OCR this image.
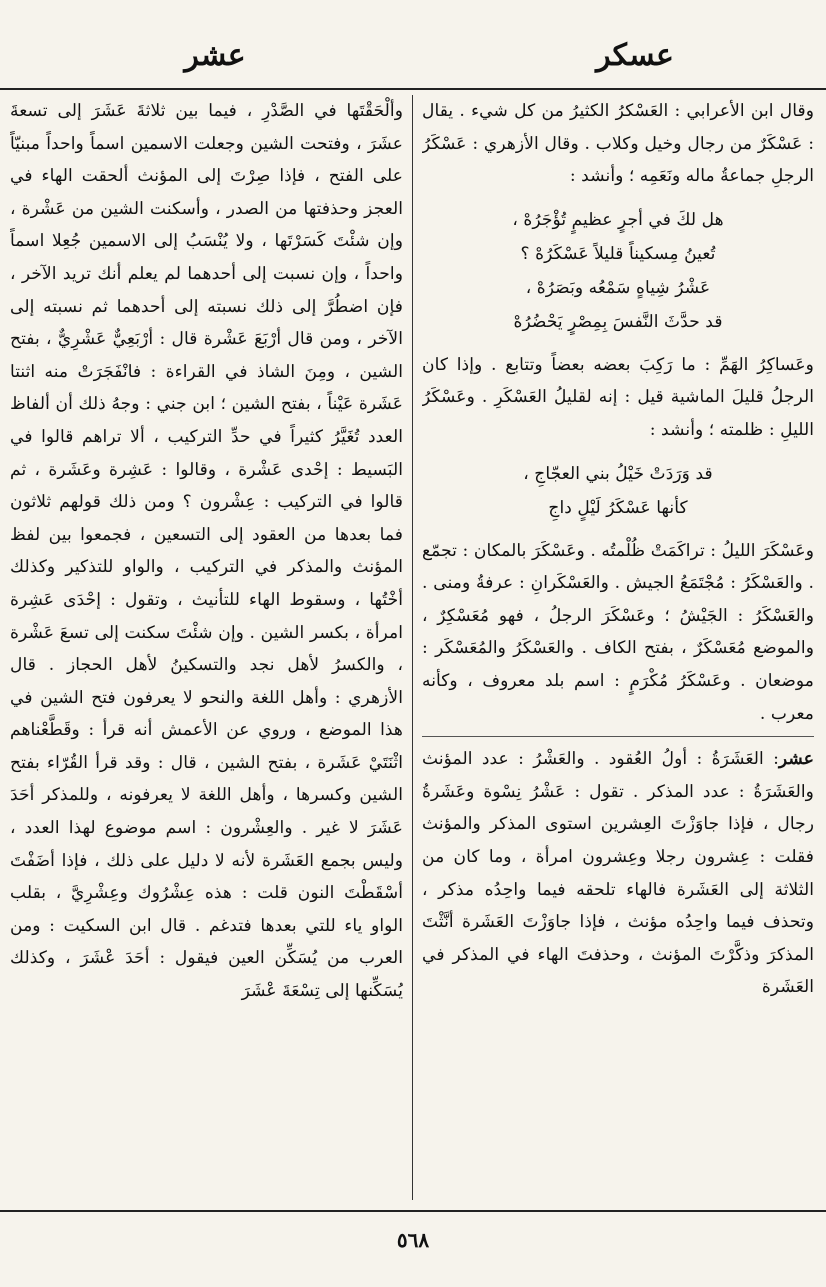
عسكر
عشر

وقال ابن الأعرابي : العَسْكرُ الكثيرُ من كل شيء . يقال : عَسْكَرٌ من رجال وخيل وكلاب . وقال الأزهري : عَسْكَرُ الرجلِ جماعةُ ماله ونَعَمِه ؛ وأنشد :

هل لكَ في أجرٍ عظيمٍ تُؤْجَرُهْ ،
تُعينُ مِسكيناً قليلاً عَسْكَرُهْ ؟
عَشْرُ شِياهٍ سَمْعُه وبَصَرُهْ ،
قد حدَّثَ النَّفسَ بِمِصْرٍ يَحْضُرُهْ

وعَساكِرُ الهَمِّ : ما رَكِبَ بعضه بعضاً وتتابع . وإذا كان الرجلُ قليلَ الماشية قيل : إنه لقليلُ العَسْكَرِ . وعَسْكَرُ الليلِ : ظلمته ؛ وأنشد :

قد وَرَدَتْ خَيْلُ بني العجّاجِ ،
كأنها عَسْكَرُ لَيْلٍ داجِ

وعَسْكَرَ الليلُ : تراكَمَتْ ظُلْمتُه . وعَسْكَرَ بالمكان : تجمّع . والعَسْكَرُ : مُجْتَمَعُ الجيش . والعَسْكَرانِ : عرفةُ ومنى . والعَسْكَرُ : الجَيْشُ ؛ وعَسْكَرَ الرجلُ ، فهو مُعَسْكِرٌ ، والموضع مُعَسْكَرٌ ، بفتح الكاف . والعَسْكَرُ والمُعَسْكَر : موضعان . وعَسْكَرُ مُكْرَمٍ : اسم بلد معروف ، وكأنه معرب .

عشر: العَشَرَةُ : أولُ العُقود . والعَشْرُ : عدد المؤنث والعَشَرَةُ : عدد المذكر . تقول : عَشْرُ نِسْوة وعَشَرةُ رجال ، فإذا جاوَزْتَ العِشرين استوى المذكر والمؤنث فقلت : عِشرون رجلا وعِشرون امرأة ، وما كان من الثلاثة إلى العَشَرة فالهاء تلحقه فيما واحِدُه مذكر ، وتحذف فيما واحِدُه مؤنث ، فإذا جاوَزْتَ العَشَرة أنَّثْتَ المذكرَ وذكَّرْتَ المؤنث ، وحذفتَ الهاء في المذكر في العَشَرة

وألْحَقْتَها في الصَّدْرِ ، فيما بين ثلاثةَ عَشَرَ إلى تسعةَ عشَرَ ، وفتحت الشين وجعلت الاسمين اسماً واحداً مبنيّاً على الفتح ، فإذا صِرْتَ إلى المؤنث ألحقت الهاء في العجز وحذفتها من الصدر ، وأسكنت الشين من عَشْرة ، وإن شئْتَ كَسَرْتَها ، ولا يُنْسَبُ إلى الاسمين جُعِلا اسماً واحداً ، وإن نسبت إلى أحدهما لم يعلم أنك تريد الآخر ، فإن اضطُرَّ إلى ذلك نسبته إلى أحدهما ثم نسبته إلى الآخر ، ومن قال أرْبَعَ عَشْرة قال : أرْبَعِيٌّ عَشْرِيٌّ ، بفتح الشين ، ومِنَ الشاذ في القراءة : فانْفَجَرَتْ منه اثنتا عَشَرة عَيْناً ، بفتح الشين ؛ ابن جني : وجهُ ذلك أن ألفاظ العدد تُغَيَّرُ كثيراً في حدِّ التركيب ، ألا تراهم قالوا في البَسيط : إحْدى عَشْرة ، وقالوا : عَشِرة وعَشَرة ، ثم قالوا في التركيب : عِشْرون ؟ ومن ذلك قولهم ثلاثون فما بعدها من العقود إلى التسعين ، فجمعوا بين لفظ المؤنث والمذكر في التركيب ، والواو للتذكير وكذلك أخْتُها ، وسقوط الهاء للتأنيث ، وتقول : إحْدَى عَشِرة امرأة ، بكسر الشين . وإن شئْتَ سكنت إلى تسعَ عَشْرة ، والكسرُ لأهل نجد والتسكينُ لأهل الحجاز . قال الأزهري : وأهل اللغة والنحو لا يعرفون فتح الشين في هذا الموضع ، وروي عن الأعمش أنه قرأ : وقَطَّعْناهم اثْنَتَيْ عَشَرة ، بفتح الشين ، قال : وقد قرأ القُرّاء بفتح الشين وكسرها ، وأهل اللغة لا يعرفونه ، وللمذكر أحَدَ عَشَرَ لا غير . والعِشْرون : اسم موضوع لهذا العدد ، وليس بجمع العَشَرة لأنه لا دليل على ذلك ، فإذا أضَفْتَ أسْقَطْتَ النون قلت : هذه عِشْرُوك وعِشْرِيَّ ، بقلب الواو ياء للتي بعدها فتدغم . قال ابن السكيت : ومن العرب من يُسَكِّن العين فيقول : أحَدَ عْشَرَ ، وكذلك يُسَكِّنها إلى تِسْعَةَ عْشَرَ

٥٦٨
